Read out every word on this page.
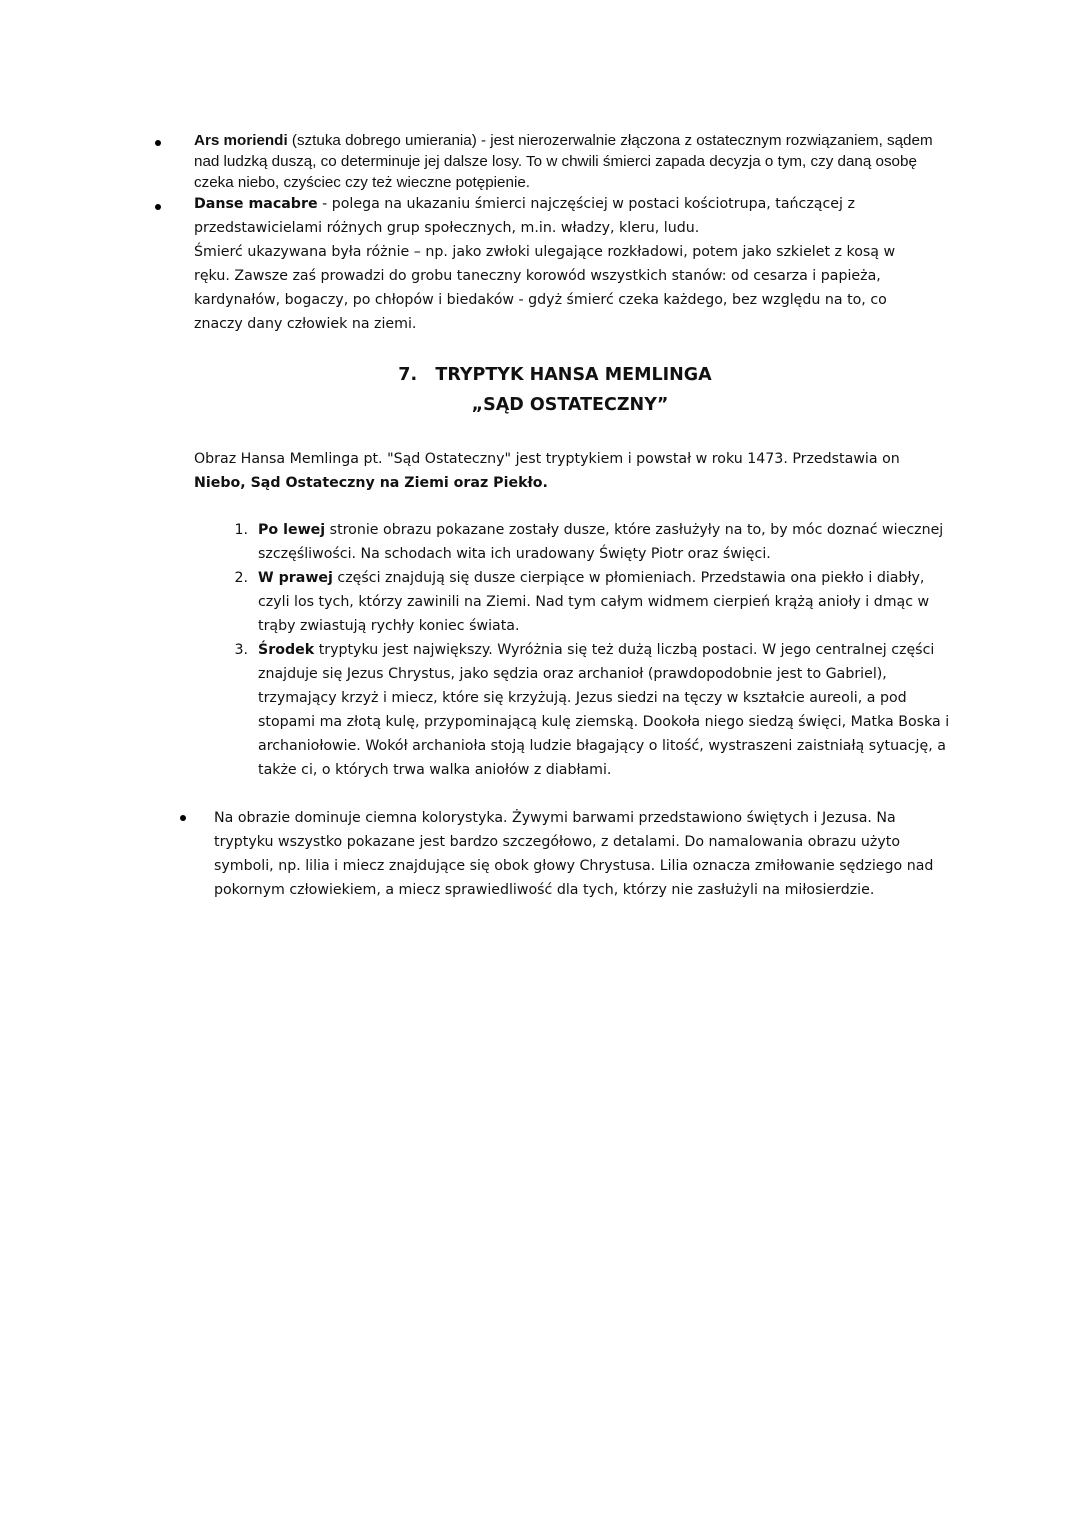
Ars moriendi (sztuka dobrego umierania) - jest nierozerwalnie złączona z ostatecznym rozwiązaniem, sądem nad ludzką duszą, co determinuje jej dalsze losy. To w chwili śmierci zapada decyzja o tym, czy daną osobę czeka niebo, czyściec czy też wieczne potępienie.

Danse macabre - polega na ukazaniu śmierci najczęściej w postaci kościotrupa, tańczącej z przedstawicielami różnych grup społecznych, m.in. władzy, kleru, ludu.

Śmierć ukazywana była różnie – np. jako zwłoki ulegające rozkładowi, potem jako szkielet z kosą w ręku. Zawsze zaś prowadzi do grobu taneczny korowód wszystkich stanów: od cesarza i papieża, kardynałów, bogaczy, po chłopów i biedaków - gdyż śmierć czeka każdego, bez względu na to, co znaczy dany człowiek na ziemi.

7. TRYPTYK HANSA MEMLINGA
„SĄD OSTATECZNY”

Obraz Hansa Memlinga pt. "Sąd Ostateczny" jest tryptykiem i powstał w roku 1473. Przedstawia on Niebo, Sąd Ostateczny na Ziemi oraz Piekło.

1. Po lewej stronie obrazu pokazane zostały dusze, które zasłużyły na to, by móc doznać wiecznej szczęśliwości. Na schodach wita ich uradowany Święty Piotr oraz święci.

2. W prawej części znajdują się dusze cierpiące w płomieniach. Przedstawia ona piekło i diabły, czyli los tych, którzy zawinili na Ziemi. Nad tym całym widmem cierpień krążą anioły i dmąc w trąby zwiastują rychły koniec świata.

3. Środek tryptyku jest największy. Wyróżnia się też dużą liczbą postaci. W jego centralnej części znajduje się Jezus Chrystus, jako sędzia oraz archanioł (prawdopodobnie jest to Gabriel), trzymający krzyż i miecz, które się krzyżują. Jezus siedzi na tęczy w kształcie aureoli, a pod stopami ma złotą kulę, przypominającą kulę ziemską. Dookoła niego siedzą święci, Matka Boska i archaniołowie. Wokół archanioła stoją ludzie błagający o litość, wystraszeni zaistniałą sytuację, a także ci, o których trwa walka aniołów z diabłami.

Na obrazie dominuje ciemna kolorystyka. Żywymi barwami przedstawiono świętych i Jezusa. Na tryptyku wszystko pokazane jest bardzo szczegółowo, z detalami. Do namalowania obrazu użyto symboli, np. lilia i miecz znajdujące się obok głowy Chrystusa. Lilia oznacza zmiłowanie sędziego nad pokornym człowiekiem, a miecz sprawiedliwość dla tych, którzy nie zasłużyli na miłosierdzie.
